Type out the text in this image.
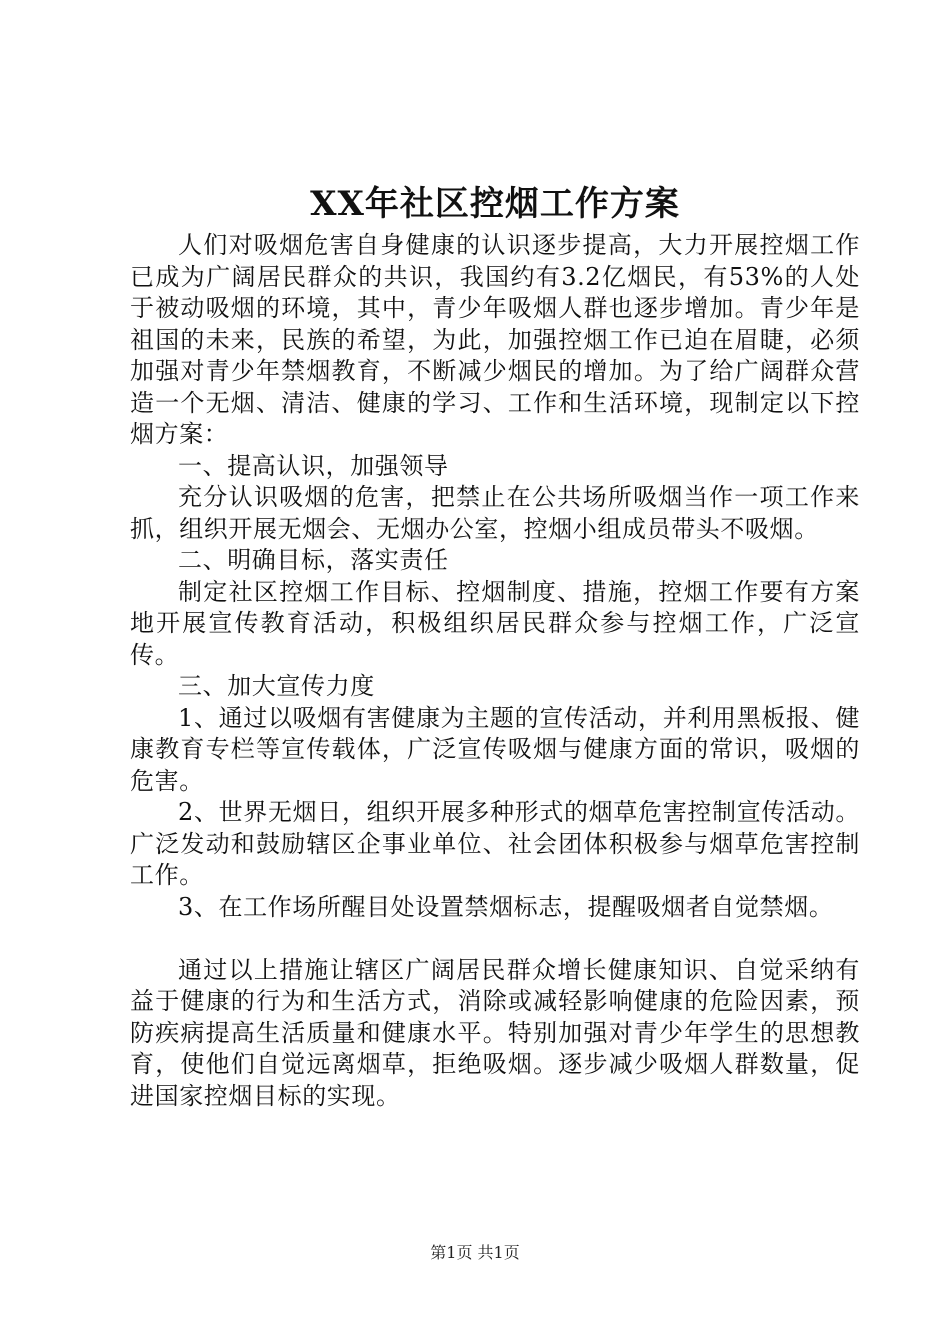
XX年社区控烟工作方案

人们对吸烟危害自身健康的认识逐步提高，大力开展控烟工作已成为广阔居民群众的共识，我国约有3.2亿烟民，有53%的人处于被动吸烟的环境，其中，青少年吸烟人群也逐步增加。青少年是祖国的未来，民族的希望，为此，加强控烟工作已迫在眉睫，必须加强对青少年禁烟教育，不断减少烟民的增加。为了给广阔群众营造一个无烟、清洁、健康的学习、工作和生活环境，现制定以下控烟方案：

一、提高认识，加强领导

充分认识吸烟的危害，把禁止在公共场所吸烟当作一项工作来抓，组织开展无烟会、无烟办公室，控烟小组成员带头不吸烟。

二、明确目标，落实责任

制定社区控烟工作目标、控烟制度、措施，控烟工作要有方案地开展宣传教育活动，积极组织居民群众参与控烟工作，广泛宣传。

三、加大宣传力度

1、通过以吸烟有害健康为主题的宣传活动，并利用黑板报、健康教育专栏等宣传载体，广泛宣传吸烟与健康方面的常识，吸烟的危害。

2、世界无烟日，组织开展多种形式的烟草危害控制宣传活动。广泛发动和鼓励辖区企事业单位、社会团体积极参与烟草危害控制工作。

3、在工作场所醒目处设置禁烟标志，提醒吸烟者自觉禁烟。

通过以上措施让辖区广阔居民群众增长健康知识、自觉采纳有益于健康的行为和生活方式，消除或减轻影响健康的危险因素，预防疾病提高生活质量和健康水平。特别加强对青少年学生的思想教育，使他们自觉远离烟草，拒绝吸烟。逐步减少吸烟人群数量，促进国家控烟目标的实现。

第1页 共1页
